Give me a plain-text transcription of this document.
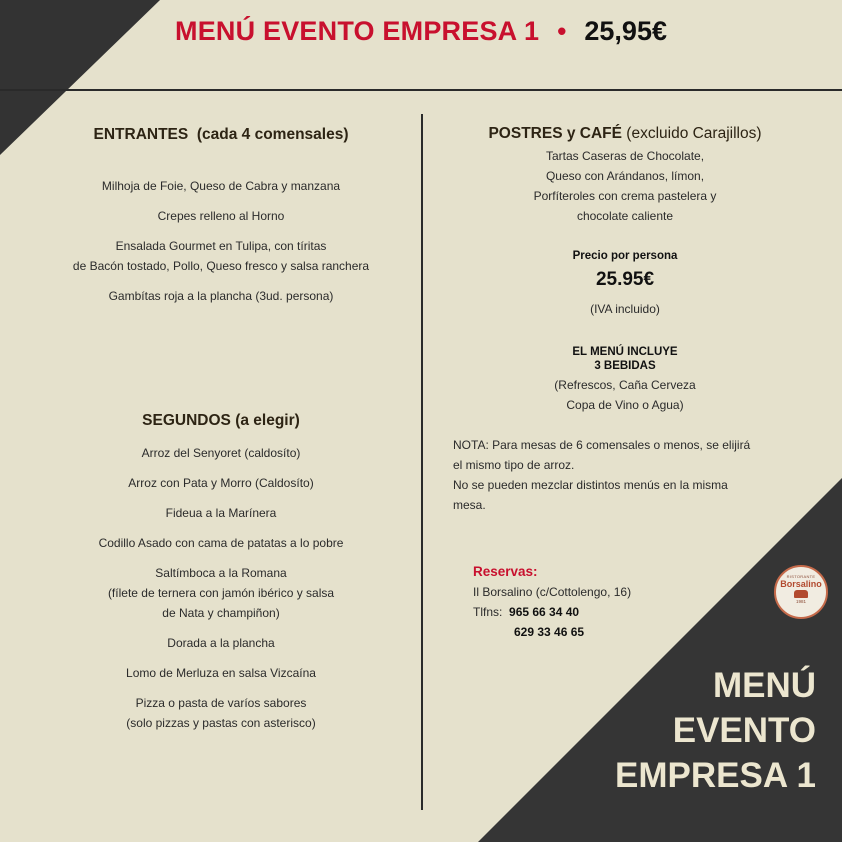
MENÚ EVENTO EMPRESA 1 • 25,95€
ENTRANTES (cada 4 comensales)
Milhoja de Foie, Queso de Cabra y manzana
Crepes relleno al Horno
Ensalada Gourmet en Tulipa, con tíritas
de Bacón tostado, Pollo, Queso fresco y salsa ranchera
Gambítas roja a la plancha (3ud. persona)
SEGUNDOS (a elegir)
Arroz del Senyoret (caldosíto)
Arroz con Pata y Morro (Caldosíto)
Fideua a la Marínera
Codillo Asado con cama de patatas a lo pobre
Saltímboca a la Romana
(fílete de ternera con jamón ibérico y salsa
de Nata y champiñon)
Dorada a la plancha
Lomo de Merluza en salsa Vizcaína
Pizza o pasta de varíos sabores
(solo pizzas y pastas con asterisco)
POSTRES y CAFÉ (excluido Carajillos)
Tartas Caseras de Chocolate,
Queso con Arándanos, límon,
Porfíteroles con crema pastelera y
chocolate caliente
Precio por persona
25.95€
(IVA incluido)
EL MENÚ INCLUYE
3 BEBIDAS
(Refrescos, Caña Cerveza
Copa de Vino o Agua)
NOTA: Para mesas de 6 comensales o menos, se elijirá
el mismo tipo de arroz.
No se pueden mezclar distintos menús en la misma
mesa.
Reservas:
Il Borsalino (c/Cottolengo, 16)
Tlfns: 965 66 34 40
629 33 46 65
RISTORANTE
Borsalino
1981
MENÚ
EVENTO
EMPRESA 1
